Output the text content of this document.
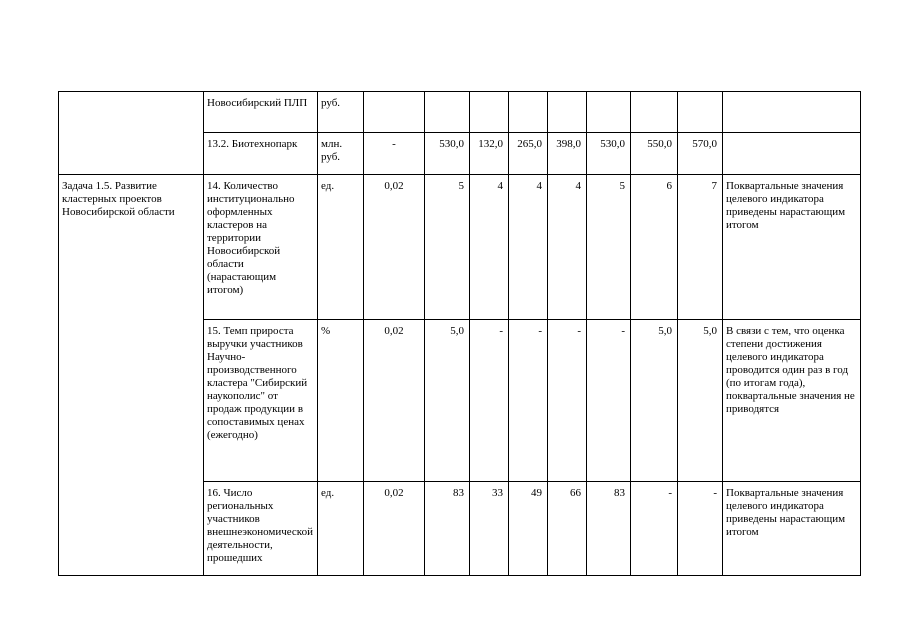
	Новосибирский ПЛП	руб.									
	13.2. Биотехнопарк	млн. руб.	-	530,0	132,0	265,0	398,0	530,0	550,0	570,0	
Задача 1.5. Развитие кластерных проектов Новосибирской области	14. Количество институционально оформленных кластеров на территории Новосибирской области (нарастающим итогом)	ед.	0,02	5	4	4	4	5	6	7	Поквартальные значения целевого индикатора приведены нарастающим итогом
	15. Темп прироста выручки участников Научно-производственного кластера "Сибирский наукополис" от продаж продукции в сопоставимых ценах (ежегодно)	%	0,02	5,0	-	-	-	-	5,0	5,0	В связи с тем, что оценка степени достижения целевого индикатора проводится один раз в год (по итогам года), поквартальные значения не приводятся
	16. Число региональных участников внешнеэкономической деятельности, прошедших	ед.	0,02	83	33	49	66	83	-	-	Поквартальные значения целевого индикатора приведены нарастающим итогом
